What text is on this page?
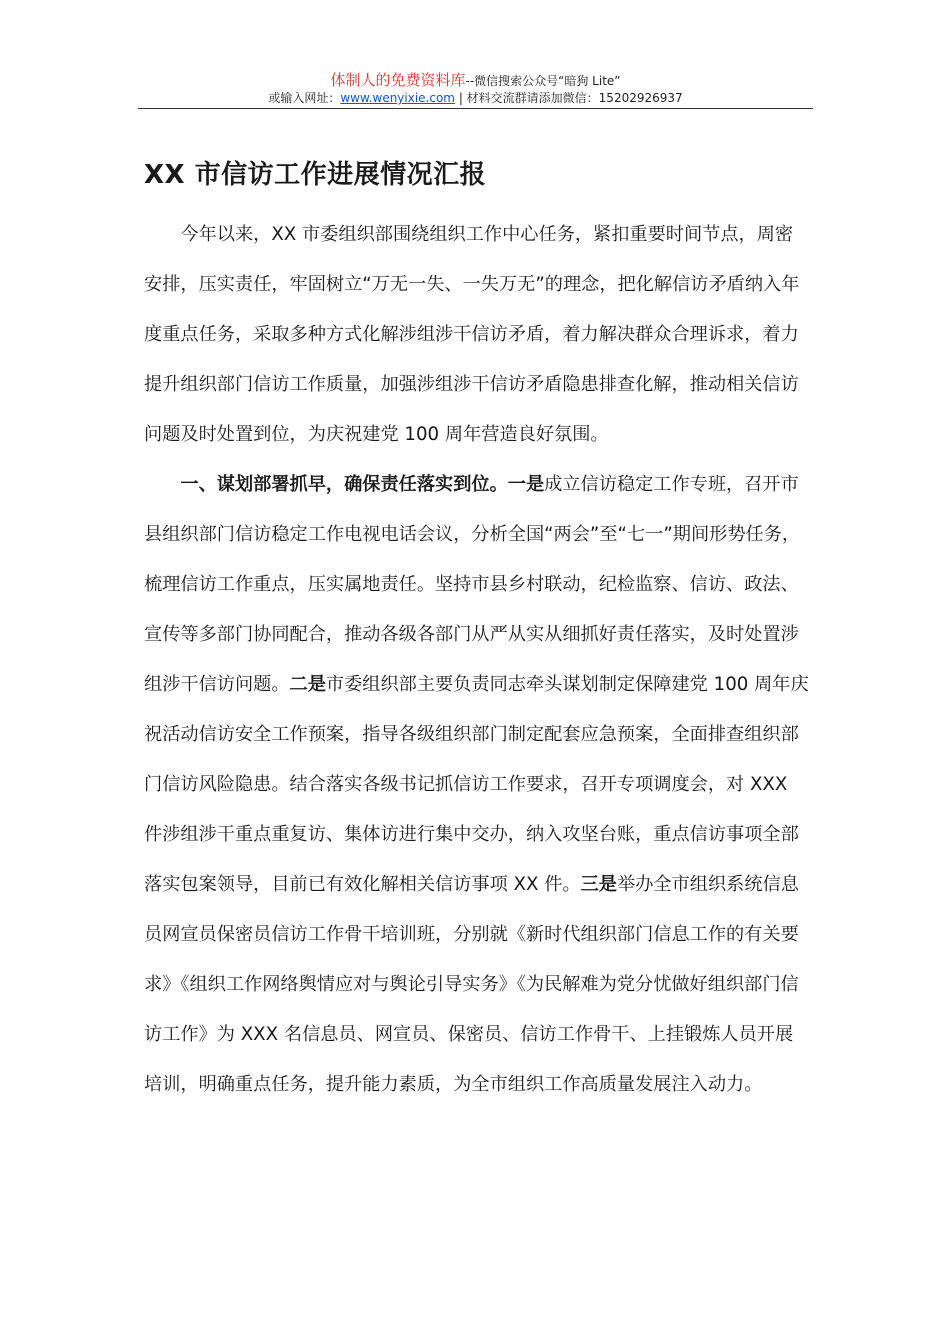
体制人的免费资料库--微信搜索公众号“暗狗 Lite”
或输入网址：www.wenyixie.com | 材料交流群请添加微信：15202926937
XX 市信访工作进展情况汇报

今年以来，XX 市委组织部围绕组织工作中心任务，紧扣重要时间节点，周密安排，压实责任，牢固树立“万无一失、一失万无”的理念，把化解信访矛盾纳入年度重点任务，采取多种方式化解涉组涉干信访矛盾，着力解决群众合理诉求，着力提升组织部门信访工作质量，加强涉组涉干信访矛盾隐患排查化解，推动相关信访问题及时处置到位，为庆祝建党 100 周年营造良好氛围。

一、谋划部署抓早，确保责任落实到位。一是成立信访稳定工作专班，召开市县组织部门信访稳定工作电视电话会议，分析全国“两会”至“七一”期间形势任务，梳理信访工作重点，压实属地责任。坚持市县乡村联动，纪检监察、信访、政法、宣传等多部门协同配合，推动各级各部门从严从实从细抓好责任落实，及时处置涉组涉干信访问题。二是市委组织部主要负责同志牵头谋划制定保障建党 100 周年庆祝活动信访安全工作预案，指导各级组织部门制定配套应急预案，全面排查组织部门信访风险隐患。结合落实各级书记抓信访工作要求，召开专项调度会，对 XXX 件涉组涉干重点重复访、集体访进行集中交办，纳入攻坚台账，重点信访事项全部落实包案领导，目前已有效化解相关信访事项 XX 件。三是举办全市组织系统信息员网宣员保密员信访工作骨干培训班，分别就《新时代组织部门信息工作的有关要求》《组织工作网络舆情应对与舆论引导实务》《为民解难为党分忧做好组织部门信访工作》为 XXX 名信息员、网宣员、保密员、信访工作骨干、上挂锻炼人员开展培训，明确重点任务，提升能力素质，为全市组织工作高质量发展注入动力。
